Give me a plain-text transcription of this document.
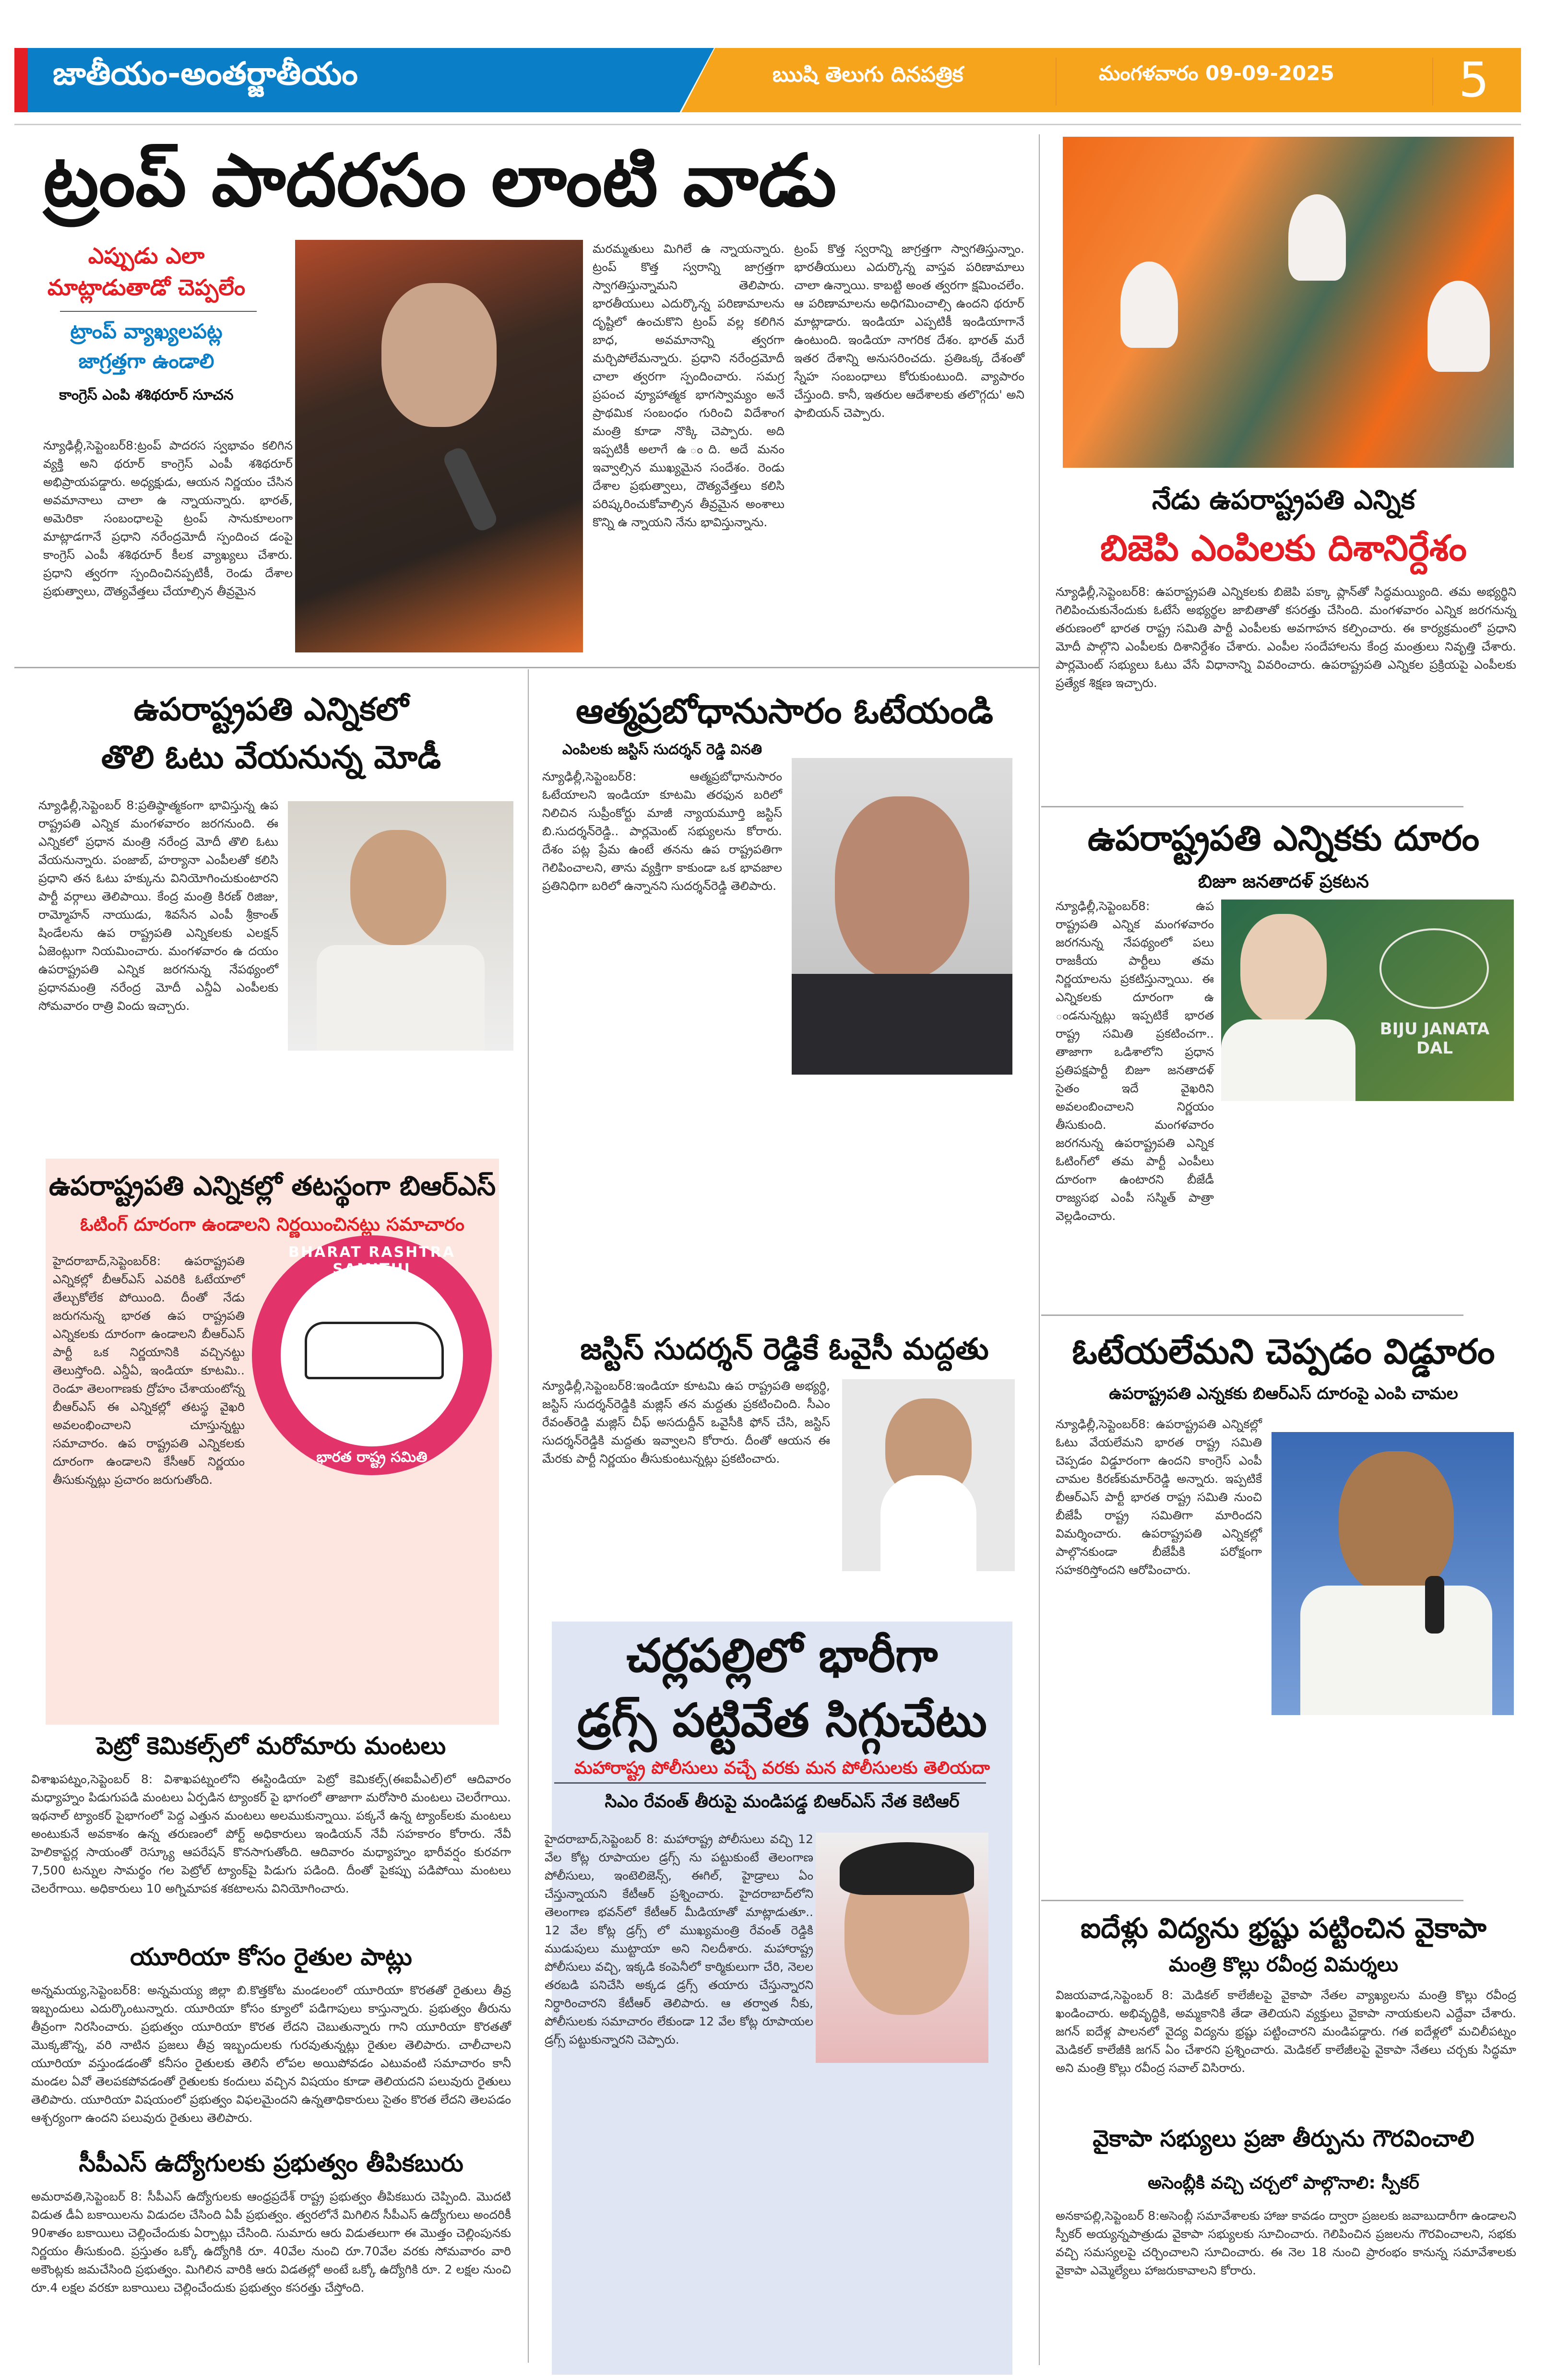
జాతీయం-అంతర్జాతీయం	ఋషి తెలుగు దినపత్రిక	మంగళవారం 09-09-2025	5
ట్రంప్ పాదరసం లాంటి వాడు
ఎప్పుడు ఎలా మాట్లాడుతాడో చెప్పలేం
ట్రాంప్ వ్యాఖ్యలపట్ల జాగ్రత్తగా ఉండాలి
కాంగ్రెస్ ఎంపి శశిథరూర్ సూచన
న్యూఢిల్లీ,సెప్టెంబర్8:ట్రంప్ పాదరస స్వభావం కలిగిన వ్యక్తి అని థరూర్ కాంగ్రెస్ ఎంపీ శశిథరూర్ అభిప్రాయపడ్డారు. అధ్యక్షుడు, ఆయన నిర్ణయం చేసిన అవమానాలు చాలా ఉ న్నాయన్నారు. భారత్, అమెరికా సంబంధాలపై ట్రంప్ సానుకూలంగా మాట్లాడగానే ప్రధాని నరేంద్రమోదీ స్పందించ డంపై కాంగ్రెస్ ఎంపీ శశిథరూర్ కీలక వ్యాఖ్యలు చేశారు. ప్రధాని త్వరగా స్పందించినప్పటికీ, రెండు దేశాల ప్రభుత్వాలు, దౌత్యవేత్తలు చేయాల్సిన తీవ్రమైన
మరమ్మతులు మిగిలే ఉ న్నాయన్నారు. ట్రంప్ కొత్త స్వరాన్ని జాగ్రత్తగా స్వాగతిస్తున్నామని తెలిపారు. భారతీయులు ఎదుర్కొన్న పరిణామాలను దృష్టిలో ఉంచుకొని ట్రంప్ వల్ల కలిగిన బాధ, అవమానాన్ని త్వరగా మర్చిపోలేమన్నారు. ప్రధాని నరేంద్రమోదీ చాలా త్వరగా స్పందించారు. సమగ్ర ప్రపంచ వ్యూహాత్మక భాగస్వామ్యం అనే ప్రాథమిక సంబంధం గురించి విదేశాంగ మంత్రి కూడా నొక్కి చెప్పారు. అది ఇప్పటికీ అలాగే ఉ ంది. అదే మనం ఇవ్వాల్సిన ముఖ్యమైన సందేశం. రెండు దేశాల ప్రభుత్వాలు, దౌత్యవేత్తలు కలిసి పరిష్కరించుకోవాల్సిన తీవ్రమైన అంశాలు కొన్ని ఉ న్నాయని నేను భావిస్తున్నాను.
ట్రంప్ కొత్త స్వరాన్ని జాగ్రత్తగా స్వాగతిస్తున్నాం. భారతీయులు ఎదుర్కొన్న వాస్తవ పరిణామాలు చాలా ఉన్నాయి. కాబట్టి అంత త్వరగా క్షమించలేం. ఆ పరిణామాలను అధిగమించాల్సి ఉందని థరూర్ మాట్లాడారు. ఇండియా ఎప్పటికీ ఇండియాగానే ఉంటుంది. ఇండియా నాగరిక దేశం. భారత్ మరే ఇతర దేశాన్ని అనుసరించదు. ప్రతిఒక్క దేశంతో స్నేహ సంబంధాలు కోరుకుంటుంది. వ్యాపారం చేస్తుంది. కానీ, ఇతరుల ఆదేశాలకు తలొగ్గదు' అని ఫాబియన్ చెప్పారు.
ఉపరాష్ట్రపతి ఎన్నికలో
తొలి ఓటు వేయనున్న మోడీ
న్యూఢిల్లీ,సెప్టెంబర్ 8:ప్రతిష్ఠాత్మకంగా భావిస్తున్న ఉప రాష్ట్రపతి ఎన్నిక మంగళవారం జరగనుంది. ఈ ఎన్నికలో ప్రధాన మంత్రి నరేంద్ర మోదీ తొలి ఓటు వేయనున్నారు. పంజాబ్, హర్యానా ఎంపీలతో కలిసి ప్రధాని తన ఓటు హక్కును వినియోగించుకుంటారని పార్టీ వర్గాలు తెలిపాయి. కేంద్ర మంత్రి కిరణ్ రిజిజు, రామ్మోహన్ నాయుడు, శివసేన ఎంపీ శ్రీకాంత్ షిండేలను ఉప రాష్ట్రపతి ఎన్నికలకు ఎలక్షన్ ఏజెంట్లుగా నియమించారు. మంగళవారం ఉ దయం ఉపరాష్ట్రపతి ఎన్నిక జరగనున్న నేపథ్యంలో ప్రధానమంత్రి నరేంద్ర మోదీ ఎన్డీఏ ఎంపీలకు సోమవారం రాత్రి విందు ఇచ్చారు.
ఉపరాష్ట్రపతి ఎన్నికల్లో తటస్థంగా బిఆర్ఎస్
ఓటింగ్ దూరంగా ఉండాలని నిర్ణయించినట్లు సమాచారం
హైదరాబాద్,సెప్టెంబర్8: ఉపరాష్ట్రపతి ఎన్నికల్లో బీఆర్ఎస్ ఎవరికి ఓటేయాలో తేల్చుకోలేక పోయింది. దీంతో నేడు జరుగనున్న భారత ఉప రాష్ట్రపతి ఎన్నికలకు దూరంగా ఉండాలని బీఆర్ఎస్ పార్టీ ఒక నిర్ణయానికి వచ్చినట్టు తెలుస్తోంది. ఎన్డీఏ, ఇండియా కూటమి.. రెండూ తెలంగాణకు ద్రోహం చేశాయంటోన్న బీఆర్ఎస్ ఈ ఎన్నికల్లో తటస్థ వైఖరి అవలంభించాలని చూస్తున్నట్టు సమాచారం. ఉప రాష్ట్రపతి ఎన్నికలకు దూరంగా ఉండాలని కేసీఆర్ నిర్ణయం తీసుకున్నట్లు ప్రచారం జరుగుతోంది.
BHARAT RASHTRA SAMITHI
భారత రాష్ట్ర సమితి
పెట్రో కెమికల్స్‌లో మరోమారు మంటలు
విశాఖపట్నం,సెప్టెంబర్ 8: విశాఖపట్నంలోని ఈస్టిండియా పెట్రో కెమికల్స్(ఈఐపీఎల్)లో ఆదివారం మధ్యాహ్నం పిడుగుపడి మంటలు ఏర్పడిన ట్యాంకర్ పై భాగంలో తాజాగా మరోసారి మంటలు చెలరేగాయి. ఇథనాల్ ట్యాంకర్ పైభాగంలో పెద్ద ఎత్తున మంటలు అలముకున్నాయి. పక్కనే ఉన్న ట్యాంక్‌లకు మంటలు అంటుకునే అవకాశం ఉన్న తరుణంలో పోర్ట్ అధికారులు ఇండియన్ నేవీ సహకారం కోరారు. నేవీ హెలికాప్టర్ల సాయంతో రెస్క్యూ ఆపరేషన్ కొనసాగుతోంది. ఆదివారం మధ్యాహ్నం భారీవర్షం కురవగా 7,500 టన్నుల సామర్థం గల పెట్రోల్ ట్యాంక్‌పై పిడుగు పడింది. దీంతో పైకప్పు పడిపోయి మంటలు చెలరేగాయి. అధికారులు 10 అగ్నిమాపక శకటాలను వినియోగించారు.
యూరియా కోసం రైతుల పాట్లు
అన్నమయ్య,సెప్టెంబర్8: అన్నమయ్య జిల్లా బి.కొత్తకోట మండలంలో యూరియా కొరతతో రైతులు తీవ్ర ఇబ్బందులు ఎదుర్కొంటున్నారు. యూరియా కోసం క్యూలో పడిగాపులు కాస్తున్నారు. ప్రభుత్వం తీరును తీవ్రంగా నిరసించారు. ప్రభుత్వం యూరియా కొరత లేదని చెబుతున్నారు గాని యూరియా కొరతతో మొక్కజొన్న, వరి నాటిన ప్రజలు తీవ్ర ఇబ్బందులకు గురవుతున్నట్లు రైతుల తెలిపారు. చాలీచాలని యూరియా వస్తుండడంతో కనీసం రైతులకు తెలిసే లోపల అయిపోవడం ఎటువంటి సమాచారం కానీ మండల ఏవో తెలపకపోవడంతో రైతులకు కందులు వచ్చిన విషయం కూడా తెలియదని పలువురు రైతులు తెలిపారు. యూరియా విషయంలో ప్రభుత్వం విఫలమైందని ఉన్నతాధికారులు సైతం కొరత లేదని తెలపడం ఆశ్చర్యంగా ఉందని పలువురు రైతులు తెలిపారు.
సీపీఎస్ ఉద్యోగులకు ప్రభుత్వం తీపికబురు
అమరావతి,సెప్టెంబర్ 8: సీపీఎస్ ఉద్యోగులకు ఆంధ్రప్రదేశ్ రాష్ట్ర ప్రభుత్వం తీపికబురు చెప్పింది. మొదటి విడుత డీఏ బకాయిలను విడుదల చేసింది ఏపీ ప్రభుత్వం. త్వరలోనే మిగిలిన సీపీఎస్ ఉద్యోగులు అందరికీ 90శాతం బకాయిలు చెల్లించేందుకు ఏర్పాట్లు చేసింది. సుమారు ఆరు విడుతలుగా ఈ మొత్తం చెల్లింపునకు నిర్ణయం తీసుకుంది. ప్రస్తుతం ఒక్కో ఉద్యోగికి రూ. 40వేల నుంచి రూ.70వేల వరకు సోమవారం వారి అకౌంట్లకు జమచేసింది ప్రభుత్వం. మిగిలిన వారికి ఆరు విడతల్లో అంటే ఒక్కో ఉద్యోగికి రూ. 2 లక్షల నుంచి రూ.4 లక్షల వరకూ బకాయిలు చెల్లించేందుకు ప్రభుత్వం కసరత్తు చేస్తోంది.
ఆత్మప్రబోధానుసారం ఓటేయండి
ఎంపిలకు జస్టిస్ సుదర్శన్ రెడ్డి వినతి
న్యూఢిల్లీ,సెప్టెంబర్8: ఆత్మప్రబోధానుసారం ఓటేయాలని ఇండియా కూటమి తరఫున బరిలో నిలిచిన సుప్రీంకోర్టు మాజీ న్యాయమూర్తి జస్టిస్ బి.సుదర్శన్‌రెడ్డి.. పార్లమెంట్ సభ్యులను కోరారు. దేశం పట్ల ప్రేమ ఉంటే తనను ఉప రాష్ట్రపతిగా గెలిపించాలని, తాను వ్యక్తిగా కాకుండా ఒక భావజాల ప్రతినిధిగా బరిలో ఉన్నానని సుదర్శన్‌రెడ్డి తెలిపారు.
జస్టిస్ సుదర్శన్ రెడ్డికే ఓవైసీ మద్దతు
న్యూఢిల్లీ,సెప్టెంబర్8:ఇండియా కూటమి ఉప రాష్ట్రపతి అభ్యర్థి, జస్టిస్ సుదర్శన్‌రెడ్డికి మజ్లిస్ తన మద్దతు ప్రకటించింది. సీఎం రేవంత్‌రెడ్డి మజ్లిస్ చీఫ్ అసదుద్దీన్ ఒవైసీకి ఫోన్ చేసి, జస్టిస్ సుదర్శన్‌రెడ్డికి మద్దతు ఇవ్వాలని కోరారు. దీంతో ఆయన ఈ మేరకు పార్టీ నిర్ణయం తీసుకుంటున్నట్లు ప్రకటించారు.
చర్లపల్లిలో భారీగా
డ్రగ్స్ పట్టివేత సిగ్గుచేటు
మహారాష్ట్ర పోలీసులు వచ్చే వరకు మన పోలీసులకు తెలియదా
సిఎం రేవంత్ తీరుపై మండిపడ్డ బిఆర్ఎస్ నేత కెటిఆర్
హైదరాబాద్,సెప్టెంబర్ 8: మహారాష్ట్ర పోలీసులు వచ్చి 12 వేల కోట్ల రూపాయల డ్రగ్స్ ను పట్టుకుంటే తెలంగాణ పోలీసులు, ఇంటెలిజెన్స్, ఈగిల్, హైడ్రాలు ఏం చేస్తున్నాయని కేటీఆర్ ప్రశ్నించారు. హైదరాబాద్‌లోని తెలంగాణ భవన్‌లో కేటీఆర్ మీడియాతో మాట్లాడుతూ.. 12 వేల కోట్ల డ్రగ్స్ లో ముఖ్యమంత్రి రేవంత్ రెడ్డికి ముడుపులు ముట్టాయా అని నిలదీశారు. మహారాష్ట్ర పోలీసులు వచ్చి, ఇక్కడి కంపెనీలో కార్మికులుగా చేరి, నెలల తరబడి పనిచేసి అక్కడ డ్రగ్స్ తయారు చేస్తున్నారని నిర్ధారించారని కేటీఆర్ తెలిపారు. ఆ తర్వాత నీకు, పోలీసులకు సమాచారం లేకుండా 12 వేల కోట్ల రూపాయల డ్రగ్స్ పట్టుకున్నారని చెప్పారు.
నేడు ఉపరాష్ట్రపతి ఎన్నిక
బిజెపి ఎంపిలకు దిశానిర్దేశం
న్యూఢిల్లీ,సెప్టెంబర్8: ఉపరాష్ట్రపతి ఎన్నికలకు బిజెపి పక్కా ప్లాన్‌తో సిద్ధమయ్యింది. తమ అభ్యర్థిని గెలిపించుకునేందుకు ఓటేసే అభ్యర్థల జాబితాతో కసరత్తు చేసింది. మంగళవారం ఎన్నిక జరగనున్న తరుణంలో భారత రాష్ట్ర సమితి పార్టీ ఎంపీలకు అవగాహన కల్పించారు. ఈ కార్యక్రమంలో ప్రధాని మోదీ పాల్గొని ఎంపీలకు దిశానిర్దేశం చేశారు. ఎంపీల సందేహాలను కేంద్ర మంత్రులు నివృత్తి చేశారు. పార్లమెంట్ సభ్యులు ఓటు వేసే విధానాన్ని వివరించారు. ఉపరాష్ట్రపతి ఎన్నికల ప్రక్రియపై ఎంపీలకు ప్రత్యేక శిక్షణ ఇచ్చారు.
ఉపరాష్ట్రపతి ఎన్నికకు దూరం
బిజూ జనతాదళ్ ప్రకటన
న్యూఢిల్లీ,సెప్టెంబర్8: ఉప రాష్ట్రపతి ఎన్నిక మంగళవారం జరగనున్న నేపథ్యంలో పలు రాజకీయ పార్టీలు తమ నిర్ణయాలను ప్రకటిస్తున్నాయి. ఈ ఎన్నికలకు దూరంగా ఉ ండనున్నట్లు ఇప్పటికే భారత రాష్ట్ర సమితి ప్రకటించగా.. తాజాగా ఒడిశాలోని ప్రధాన ప్రతిపక్షపార్టీ బిజూ జనతాదళ్ సైతం ఇదే వైఖరిని అవలంబించాలని నిర్ణయం తీసుకుంది. మంగళవారం జరగనున్న ఉపరాష్ట్రపతి ఎన్నిక ఓటింగ్‌లో తమ పార్టీ ఎంపీలు దూరంగా ఉంటారని బీజేడీ రాజ్యసభ ఎంపీ సస్మిత్ పాత్రా వెల్లడించారు.
BIJU JANATA DAL
ఓటేయలేమని చెప్పడం విడ్డూరం
ఉపరాష్ట్రపతి ఎన్నకకు బిఆర్ఎస్ దూరంపై ఎంపి చామల
న్యూఢిల్లీ,సెప్టెంబర్8: ఉపరాష్ట్రపతి ఎన్నికల్లో ఓటు వేయలేమని భారత రాష్ట్ర సమితి చెప్పడం విడ్డూరంగా ఉందని కాంగ్రెస్ ఎంపీ చామల కిరణ్‌కుమార్‌రెడ్డి అన్నారు. ఇప్పటికే బీఆర్ఎస్ పార్టీ భారత రాష్ట్ర సమితి నుంచి బీజేపీ రాష్ట్ర సమితిగా మారిందని విమర్శించారు. ఉపరాష్ట్రపతి ఎన్నికల్లో పాల్గొనకుండా బీజేపీకి పరోక్షంగా సహకరిస్తోందని ఆరోపించారు.
ఐదేళ్లు విద్యను భ్రష్టు పట్టించిన వైకాపా
మంత్రి కొల్లు రవీంద్ర విమర్శలు
విజయవాడ,సెప్టెంబర్ 8: మెడికల్ కాలేజీలపై వైకాపా నేతల వ్యాఖ్యలను మంత్రి కొల్లు రవీంద్ర ఖండించారు. అభివృద్ధికి, అమ్మకానికి తేడా తెలియని వ్యక్తులు వైకాపా నాయకులని ఎద్దేవా చేశారు. జగన్ ఐదేళ్ల పాలనలో వైద్య విద్యను భ్రష్టు పట్టించారని మండిపడ్డారు. గత ఐదేళ్లలో మచిలీపట్నం మెడికల్ కాలేజీకి జగన్ ఏం చేశారని ప్రశ్నించారు. మెడికల్ కాలేజీలపై వైకాపా నేతలు చర్చకు సిద్ధమా అని మంత్రి కొల్లు రవీంద్ర సవాల్ విసిరారు.
వైకాపా సభ్యులు ప్రజా తీర్పును గౌరవించాలి
అసెంబ్లీకి వచ్చి చర్చలో పాల్గొనాలి: స్పీకర్
అనకాపల్లి,సెప్టెంబర్ 8:అసెంబ్లీ సమావేశాలకు హాజు కావడం ద్వారా ప్రజలకు జవాబుదారీగా ఉండాలని స్పీకర్ అయ్యన్నపాత్రుడు వైకాపా సభ్యులకు సూచించారు. గెలిపించిన ప్రజలను గౌరవించాలని, సభకు వచ్చి సమస్యలపై చర్చించాలని సూచించారు. ఈ నెల 18 నుంచి ప్రారంభం కానున్న సమావేశాలకు వైకాపా ఎమ్మెల్యేలు హాజరుకావాలని కోరారు.
